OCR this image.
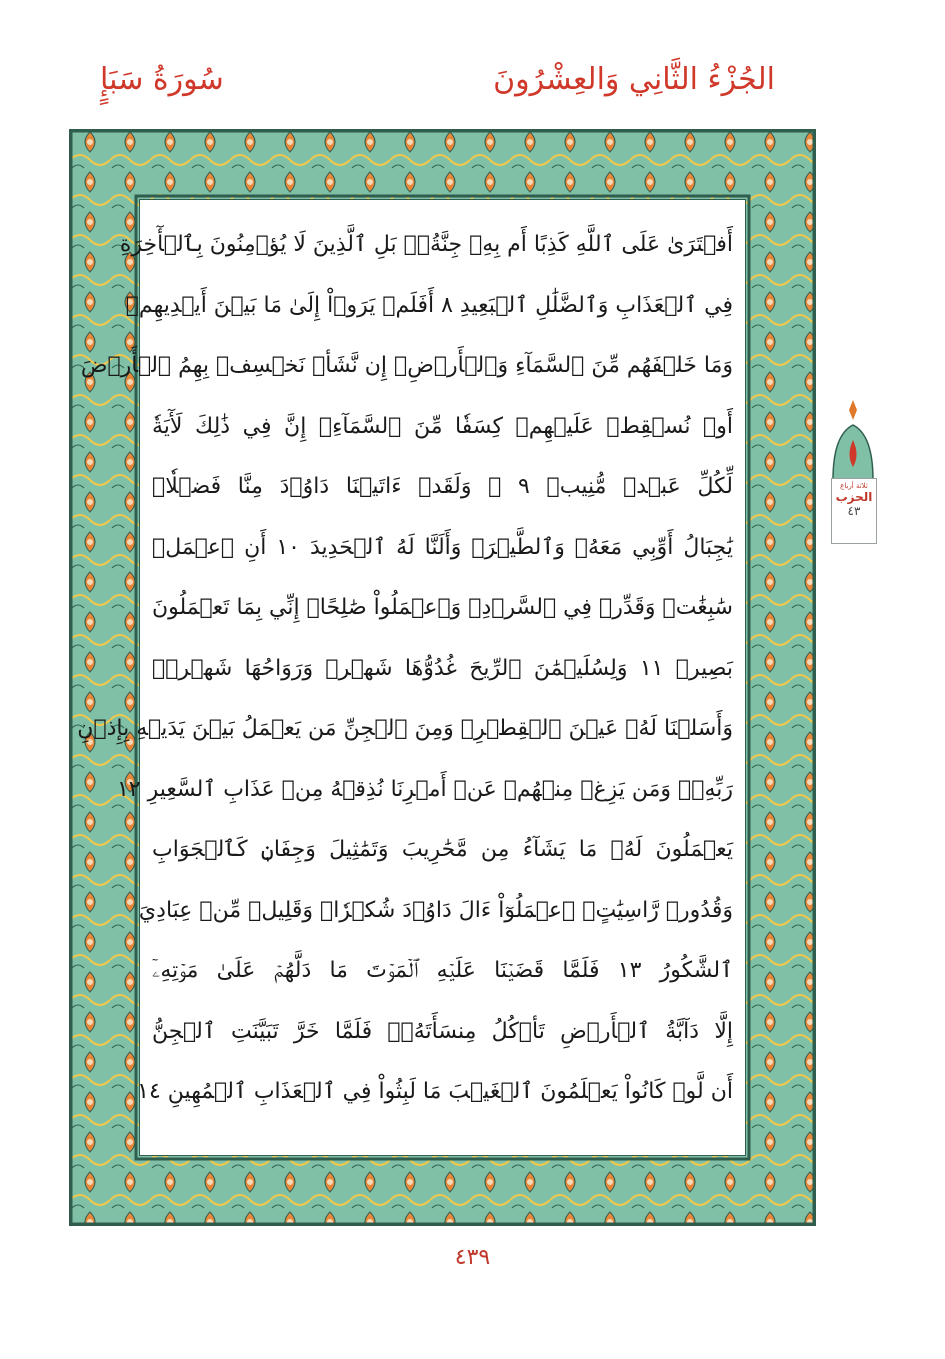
الجُزْءُ الثَّانِي وَالعِشْرُونَ
سُورَةُ سَبَإٍ
أَفۡتَرَىٰ عَلَى ٱللَّهِ كَذِبًا أَم بِهِۦ جِنَّةُۢۗ بَلِ ٱلَّذِينَ لَا يُؤۡمِنُونَ بِٱلۡأٓخِرَةِ
فِي ٱلۡعَذَابِ وَٱلضَّلَٰلِ ٱلۡبَعِيدِ ٨ أَفَلَمۡ يَرَوۡاْ إِلَىٰ مَا بَيۡنَ أَيۡدِيهِمۡ
وَمَا خَلۡفَهُم مِّنَ ٱلسَّمَآءِ وَٱلۡأَرۡضِۚ إِن نَّشَأۡ نَخۡسِفۡ بِهِمُ ٱلۡأَرۡضَ
أَوۡ نُسۡقِطۡ عَلَيۡهِمۡ كِسَفٗا مِّنَ ٱلسَّمَآءِۚ إِنَّ فِي ذَٰلِكَ لَأٓيَةٗ
لِّكُلِّ عَبۡدٖ مُّنِيبٖ ٩ ۞ وَلَقَدۡ ءَاتَيۡنَا دَاوُۥدَ مِنَّا فَضۡلٗاۖ
يَٰجِبَالُ أَوِّبِي مَعَهُۥ وَٱلطَّيۡرَۖ وَأَلَنَّا لَهُ ٱلۡحَدِيدَ ١٠ أَنِ ٱعۡمَلۡ
سَٰبِغَٰتٖ وَقَدِّرۡ فِي ٱلسَّرۡدِۖ وَٱعۡمَلُواْ صَٰلِحًاۖ إِنِّي بِمَا تَعۡمَلُونَ
بَصِيرٞ ١١ وَلِسُلَيۡمَٰنَ ٱلرِّيحَ غُدُوُّهَا شَهۡرٞ وَرَوَاحُهَا شَهۡرٞۖ
وَأَسَلۡنَا لَهُۥ عَيۡنَ ٱلۡقِطۡرِۖ وَمِنَ ٱلۡجِنِّ مَن يَعۡمَلُ بَيۡنَ يَدَيۡهِ بِإِذۡنِ
رَبِّهِۦۖ وَمَن يَزِغۡ مِنۡهُمۡ عَنۡ أَمۡرِنَا نُذِقۡهُ مِنۡ عَذَابِ ٱلسَّعِيرِ ١٢
يَعۡمَلُونَ لَهُۥ مَا يَشَآءُ مِن مَّحَٰرِيبَ وَتَمَٰثِيلَ وَجِفَانٖ كَٱلۡجَوَابِ
وَقُدُورٖ رَّاسِيَٰتٍۚ ٱعۡمَلُوٓاْ ءَالَ دَاوُۥدَ شُكۡرٗاۚ وَقَلِيلٞ مِّنۡ عِبَادِيَ
ٱلشَّكُورُ ١٣ فَلَمَّا قَضَيۡنَا عَلَيۡهِ ٱلۡمَوۡتَ مَا دَلَّهُمۡ عَلَىٰ مَوۡتِهِۦٓ
إِلَّا دَآبَّةُ ٱلۡأَرۡضِ تَأۡكُلُ مِنسَأَتَهُۥۖ فَلَمَّا خَرَّ تَبَيَّنَتِ ٱلۡجِنُّ
أَن لَّوۡ كَانُواْ يَعۡلَمُونَ ٱلۡغَيۡبَ مَا لَبِثُواْ فِي ٱلۡعَذَابِ ٱلۡمُهِينِ ١٤
ثلاثة أرباع
الحزب
٤٣
٤٣٩
